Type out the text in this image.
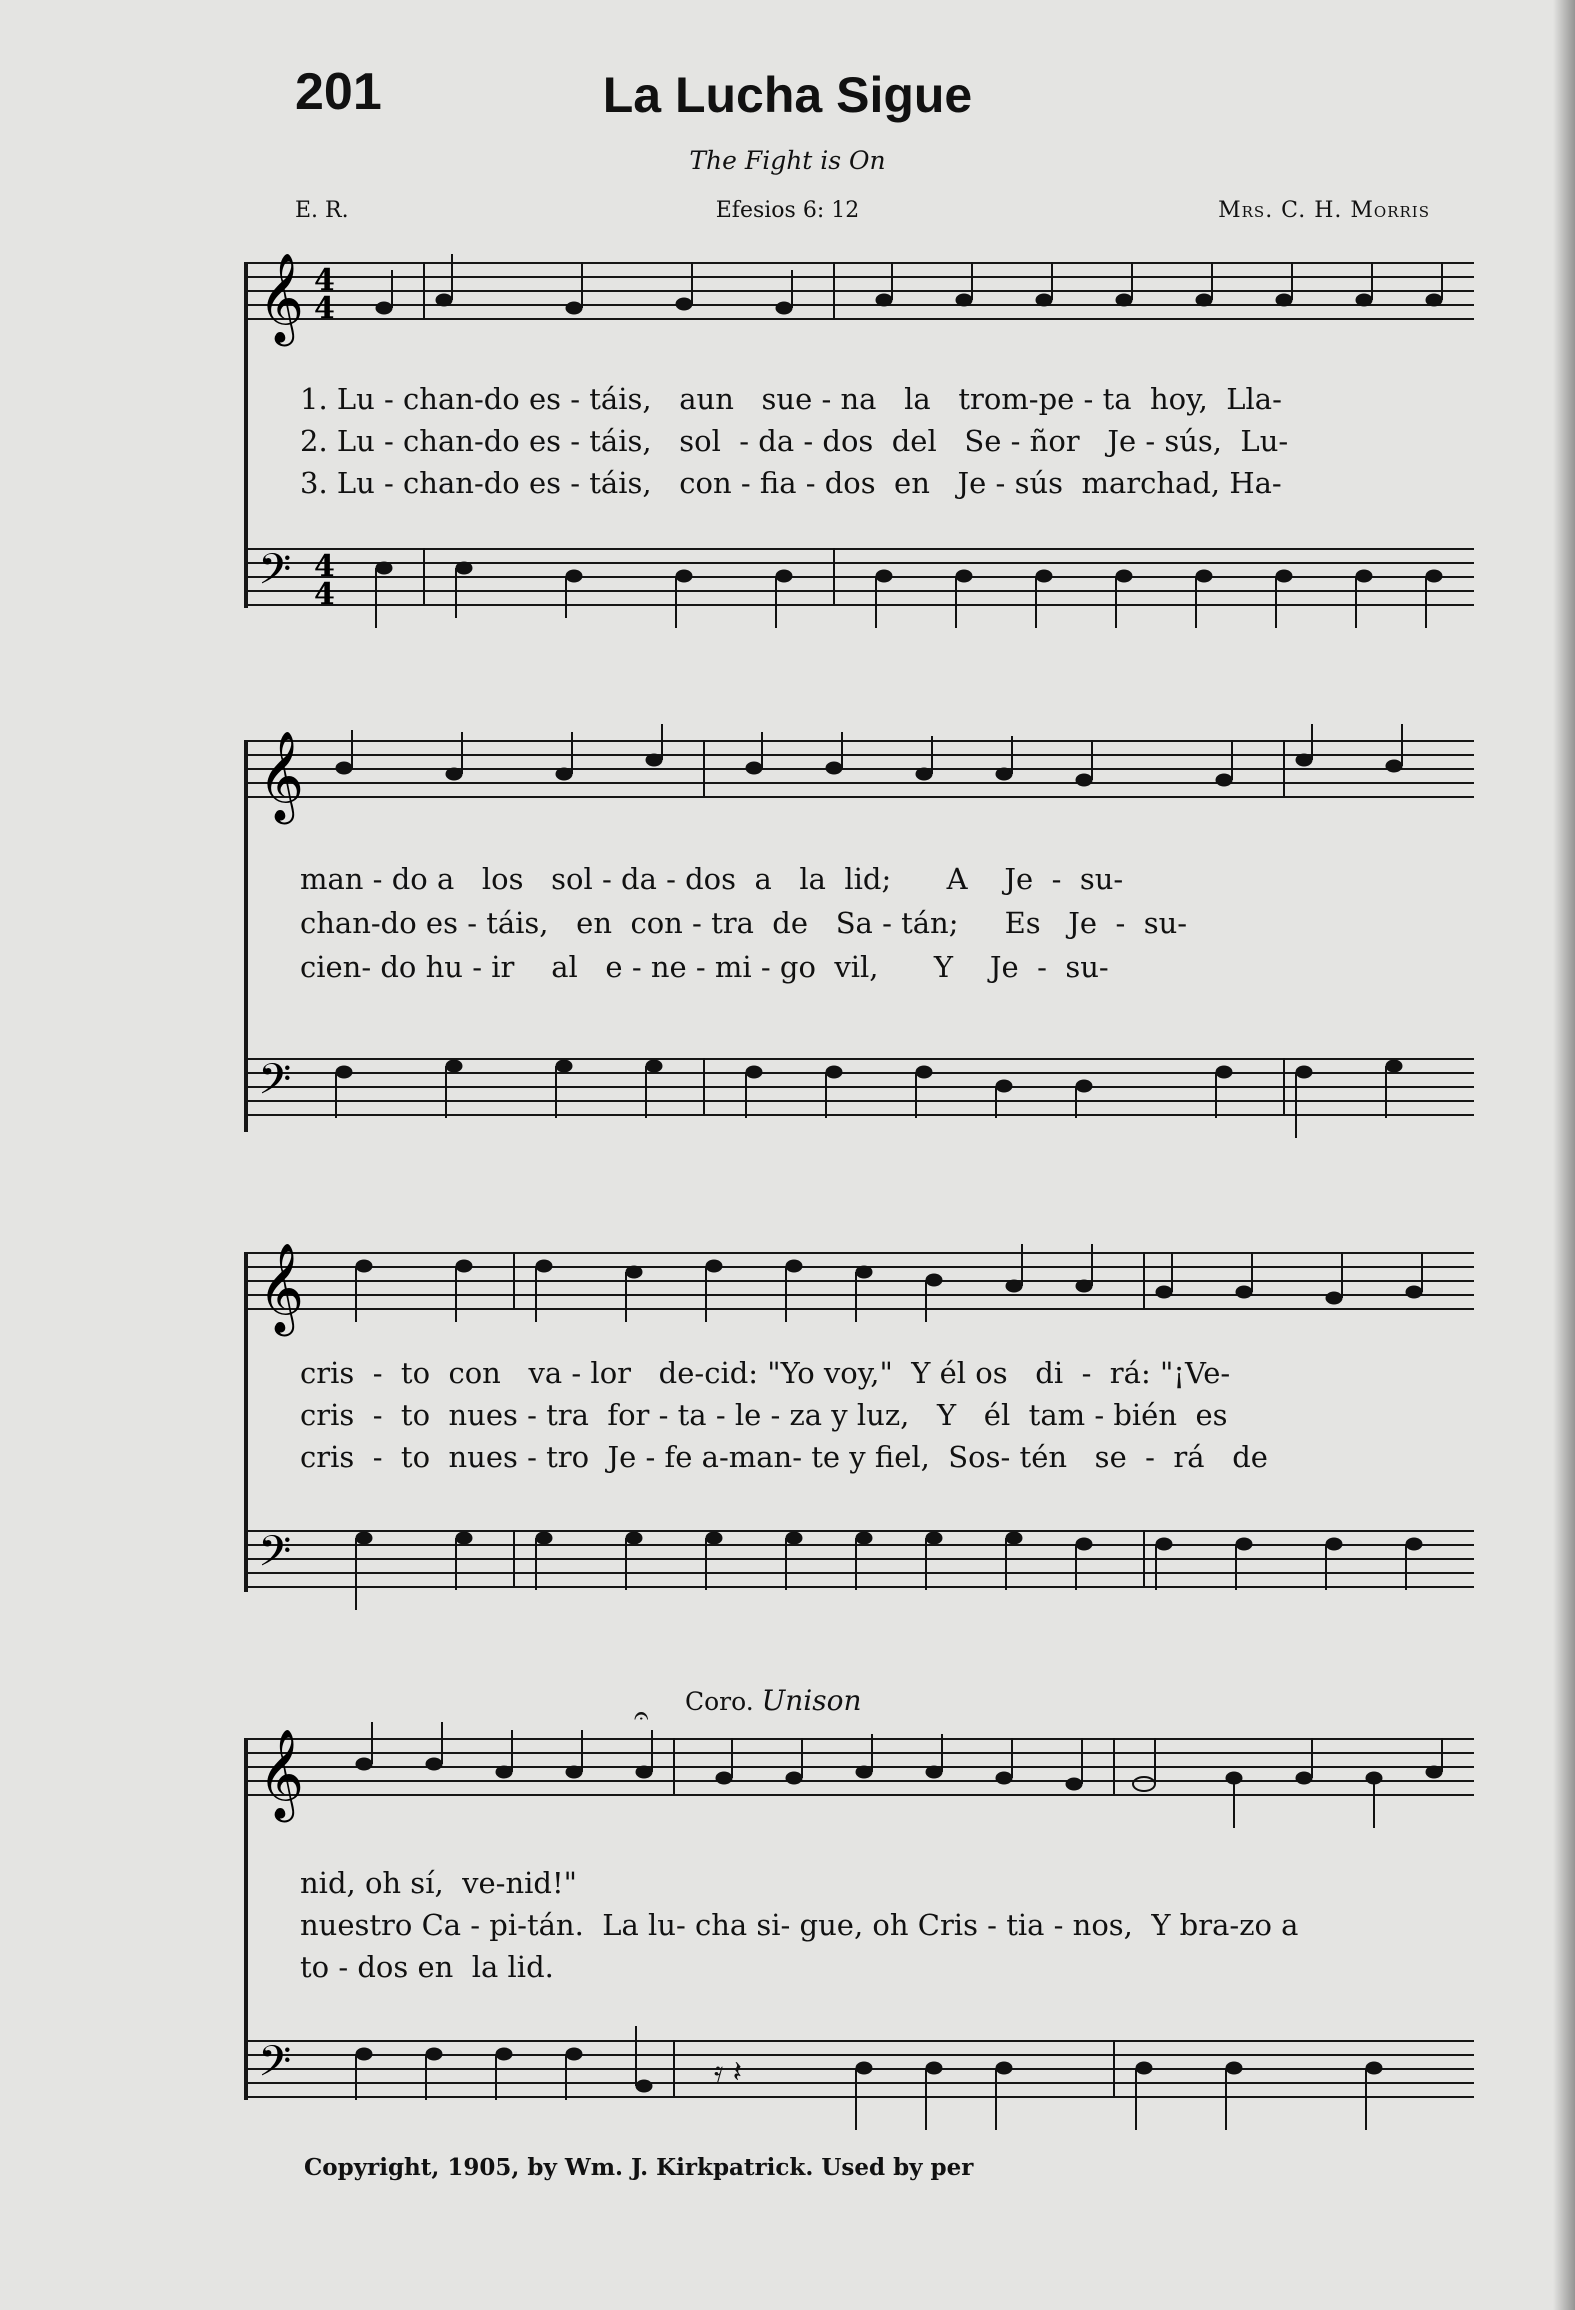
201	La Lucha Sigue
The Fight is On
E. R.	Efesios 6: 12	Mrs. C. H. Morris
𝄞 4
4
1. Lu - chan-do es - táis,   aun   sue - na   la   trom-pe - ta  hoy,  Lla-
2. Lu - chan-do es - táis,   sol  - da - dos  del   Se - ñor   Je - sús,  Lu-
3. Lu - chan-do es - táis,   con - fia - dos  en   Je - sús  marchad, Ha-
𝄢 4
4
𝄞
man - do a   los   sol - da - dos  a   la  lid;      A    Je  -  su-
chan-do es - táis,   en  con - tra  de   Sa - tán;     Es   Je  -  su-
cien- do hu - ir    al   e - ne - mi - go  vil,      Y    Je  -  su-
𝄢
𝄞
cris  -  to  con   va - lor   de-cid: "Yo voy,"  Y él os   di  -  rá: "¡Ve-
cris  -  to  nues - tra  for - ta - le - za y luz,   Y   él  tam - bién  es
cris  -  to  nues - tro  Je - fe a-man- te y fiel,  Sos- tén   se  -  rá   de
𝄢
Coro. Unison
𝄞
𝄐
nid, oh sí,  ve-nid!"
nuestro Ca - pi-tán.  La lu- cha si- gue, oh Cris - tia - nos,  Y bra-zo a
to - dos en  la lid.
𝄢	𝄿 𝄽
Copyright, 1905, by Wm. J. Kirkpatrick. Used by per
